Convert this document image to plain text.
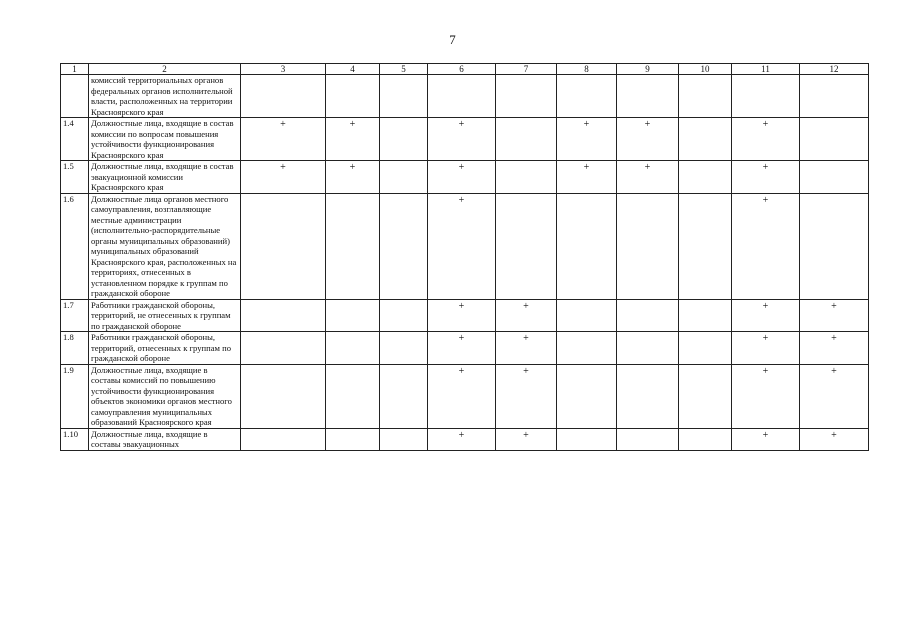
7
1	2	3	4	5	6	7	8	9	10	11	12
	комиссий территориальных органов федеральных органов исполнительной власти, расположенных на территории Красноярского края										
1.4	Должностные лица, входящие в состав комиссии по вопросам повышения устойчивости функционирования Красноярского края	+	+		+		+	+		+	
1.5	Должностные лица, входящие в состав эвакуационной комиссии Красноярского края	+	+		+		+	+		+	
1.6	Должностные лица органов местного самоуправления, возглавляющие местные администрации (исполнительно-распорядительные органы муниципальных образований) муниципальных образований Красноярского края, расположенных на территориях, отнесенных в установленном порядке к группам по гражданской обороне				+					+	
1.7	Работники гражданской обороны, территорий, не отнесенных к группам по гражданской обороне				+	+				+	+
1.8	Работники гражданской обороны, территорий, отнесенных к группам по гражданской обороне				+	+				+	+
1.9	Должностные лица, входящие в составы комиссий по повышению устойчивости функционирования объектов экономики органов местного самоуправления муниципальных образований Красноярского края				+	+				+	+
1.10	Должностные лица, входящие в составы эвакуационных				+	+				+	+
